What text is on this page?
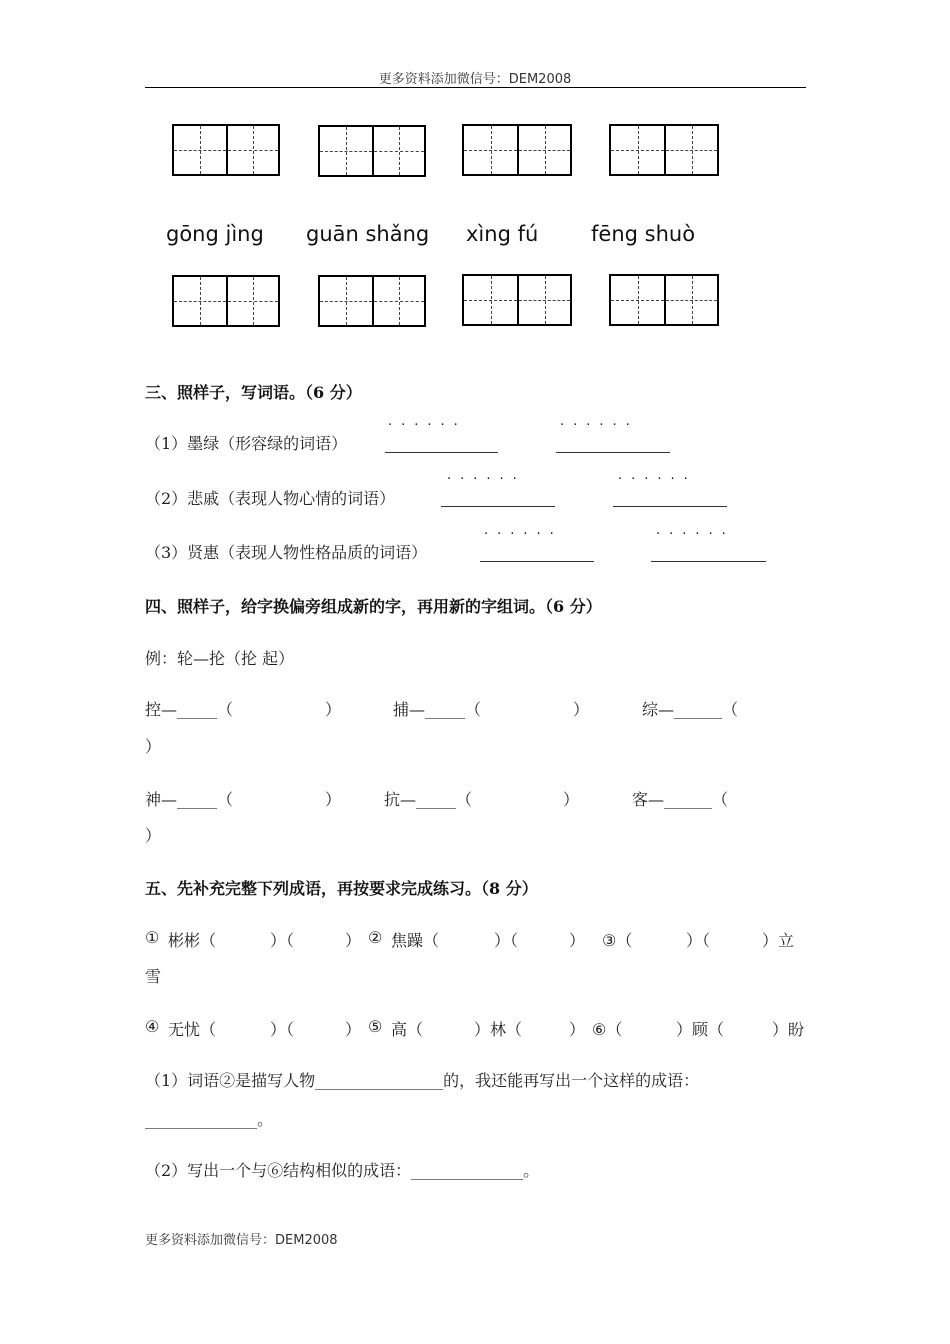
更多资料添加微信号：DEM2008
gōng jìng guān shǎng xìng fú	fēng shuò
三、照样子，写词语。（6 分）
（1）墨绿（形容绿的词语）
······	······
（2）悲戚（表现人物心情的词语）
······	······
（3）贤惠（表现人物性格品质的词语）
······	······
四、照样子，给字换偏旁组成新的字，再用新的字组词。（6 分）
例：轮—抡（抡 起）
控—_____（	）	捕—_____（	）	综—______（
）
神—_____（	）	抗—_____（	）	客—______（
）
五、先补充完整下列成语，再按要求完成练习。（8 分）
① 彬彬（	）（	） ② 焦躁（	）（	） ③（	）（	）立
雪
④ 无忧（	）（	） ⑤ 高（	）林（	） ⑥（	）顾（	）盼
（1）词语②是描写人物________________的，我还能再写出一个这样的成语：
______________。
（2）写出一个与⑥结构相似的成语：______________。
更多资料添加微信号：DEM2008
